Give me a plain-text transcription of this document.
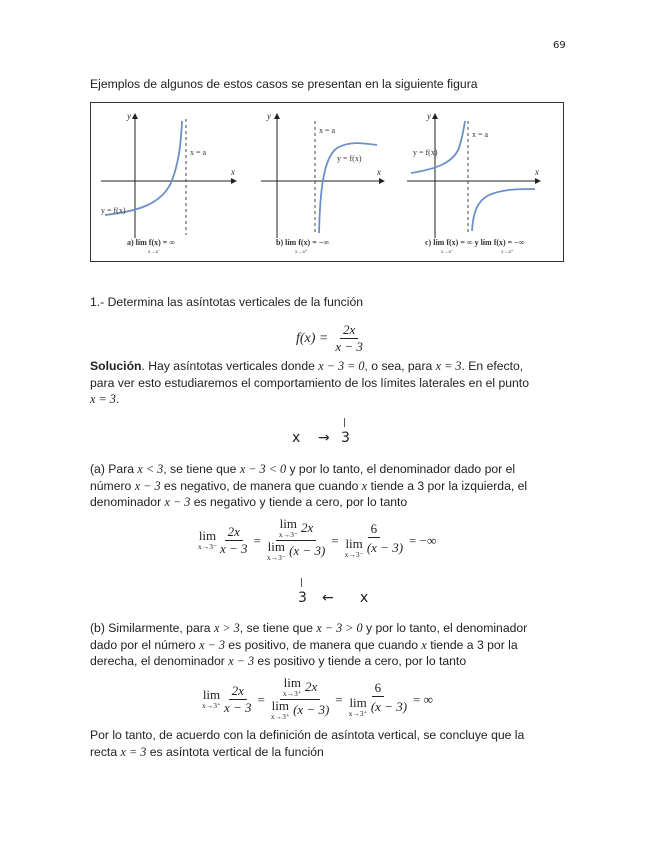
69
Ejemplos de algunos de estos casos se presentan en la siguiente figura
y
x
x = a
y = f(x)
a) lím f(x) = ∞
x→a⁻
y
x
x = a
y = f(x)
b) lím f(x) = −∞
x→a⁺
y
x
x = a
y = f(x)
c) lím f(x) = ∞ y lím f(x) = −∞
x→a⁻	x→a⁺
1.- Determina las asíntotas verticales de la función
$f(x) = \frac{2x}{x - 3}$
Solución. Hay asíntotas verticales donde x − 3 = 0, o sea, para x = 3. En efecto,
para ver esto estudiaremos el comportamiento de los límites laterales en el punto
x = 3.
x →
|
3
(a) Para x < 3, se tiene que x − 3 < 0 y por lo tanto, el denominador dado por el
número x − 3 es negativo, de manera que cuando x tiende a 3 por la izquierda, el
denominador x − 3 es negativo y tiende a cero, por lo tanto
lim
$x\to 3^- \frac{2x}{x - 3} = \lim$
x→3⁻ 2x
lim
x→3⁻ (x − 3) = 6
lim
x→3⁻ (x − 3) = −∞
|
3 ← x
(b) Similarmente, para x > 3, se tiene que x − 3 > 0 y por lo tanto, el denominador
dado por el número x − 3 es positivo, de manera que cuando x tiende a 3 por la
derecha, el denominador x − 3 es positivo y tiende a cero, por lo tanto
lim
$x\to 3^+ \frac{2x}{x - 3} = \lim$
x→3⁺ 2x
lim
x→3⁺ (x − 3) = 6
lim
x→3⁺ (x − 3) = ∞
Por lo tanto, de acuerdo con la definición de asíntota vertical, se concluye que la
recta x = 3 es asíntota vertical de la función
